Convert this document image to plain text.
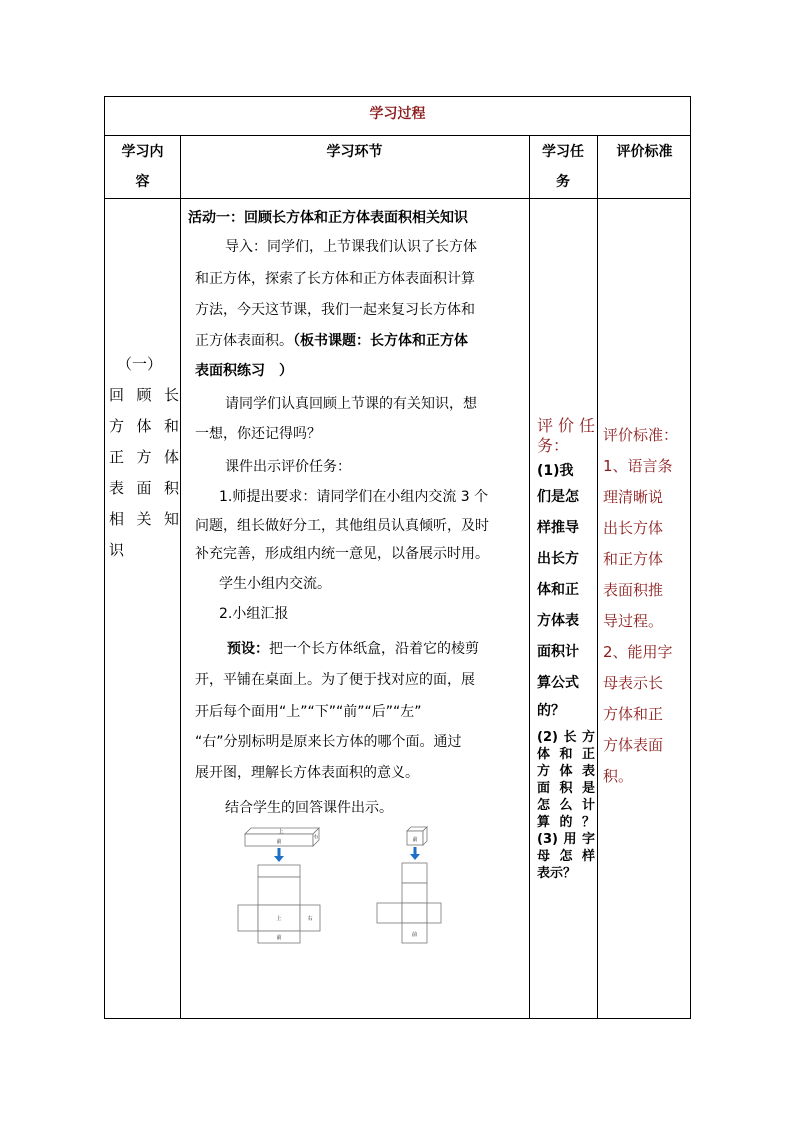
学习过程
学习内
容
学习环节	学习任
务
评价标准
（一）
回顾长
方体和
正方体
表面积
相关知
识
活动一：回顾长方体和正方体表面积相关知识
导入：同学们，上节课我们认识了长方体
和正方体，探索了长方体和正方体表面积计算
方法，今天这节课，我们一起来复习长方体和
正方体表面积。（板书课题：长方体和正方体
表面积练习　）
请同学们认真回顾上节课的有关知识，想
一想，你还记得吗？
课件出示评价任务：
1.师提出要求：请同学们在小组内交流 3 个
问题，组长做好分工，其他组员认真倾听，及时
补充完善，形成组内统一意见，以备展示时用。
学生小组内交流。
2.小组汇报
预设：把一个长方体纸盒，沿着它的棱剪
开，平铺在桌面上。为了便于找对应的面，展
开后每个面用“上”“下”“前”“后”“左”
“右”分别标明是原来长方体的哪个面。通过
展开图，理解长方体表面积的意义。
结合学生的回答课件出示。
上
前
右
上	右
前
前
前
评价任
务：
(1)我
们是怎
样推导
出长方
体和正
方体表
面积计
算公式
的？
(2)长方
体和正
方体表
面积是
怎么计
算的？
(3)用字
母怎样
表示？
评价标准：
1、语言条
理清晰说
出长方体
和正方体
表面积推
导过程。
2、能用字
母表示长
方体和正
方体表面
积。
